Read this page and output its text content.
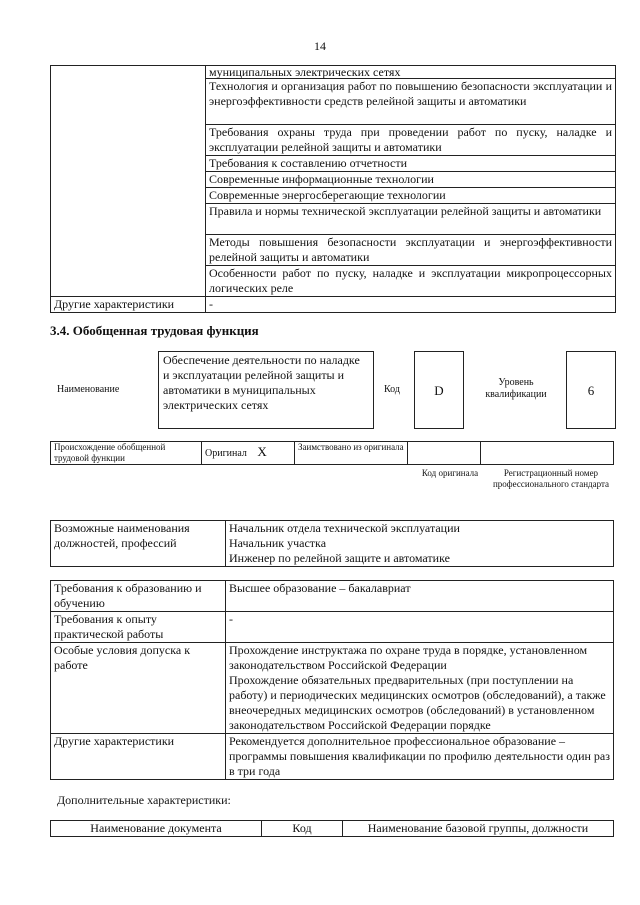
14
	муниципальных электрических сетях
	Технология и организация работ по повышению безопасности эксплуатации и энергоэффективности средств релейной защиты и автоматики
	Требования охраны труда при проведении работ по пуску, наладке и эксплуатации релейной защиты и автоматики
	Требования к составлению отчетности
	Современные информационные технологии
	Современные энергосберегающие технологии
	Правила и нормы технической эксплуатации релейной защиты и автоматики
	Методы повышения безопасности эксплуатации и энергоэффективности релейной защиты и автоматики
	Особенности работ по пуску, наладке и эксплуатации микропроцессорных логических реле
Другие характеристики	-
3.4. Обобщенная трудовая функция
Наименование
Обеспечение деятельности по наладке и эксплуатации релейной защиты и автоматики в муниципальных электрических сетях
Код	D
Уровень квалификации	6
Происхождение обобщенной трудовой функции	Оригинал X	Заимствовано из оригинала		
Код оригинала	Регистрационный номер профессионального стандарта
Возможные наименования должностей, профессий	
Начальник отдела технической эксплуатации
Начальник участка
Инженер по релейной защите и автоматике
Требования к образованию и обучению	Высшее образование – бакалавриат
Требования к опыту практической работы	-
Особые условия допуска к работе	Прохождение инструктажа по охране труда в порядке, установленном законодательством Российской Федерации
Прохождение обязательных предварительных (при поступлении на работу) и периодических медицинских осмотров (обследований), а также внеочередных медицинских осмотров (обследований) в установленном законодательством Российской Федерации порядке

Другие характеристики	Рекомендуется дополнительное профессиональное образование – программы повышения квалификации по профилю деятельности один раз в три года
Дополнительные характеристики:
Наименование документа	Код	Наименование базовой группы, должности
